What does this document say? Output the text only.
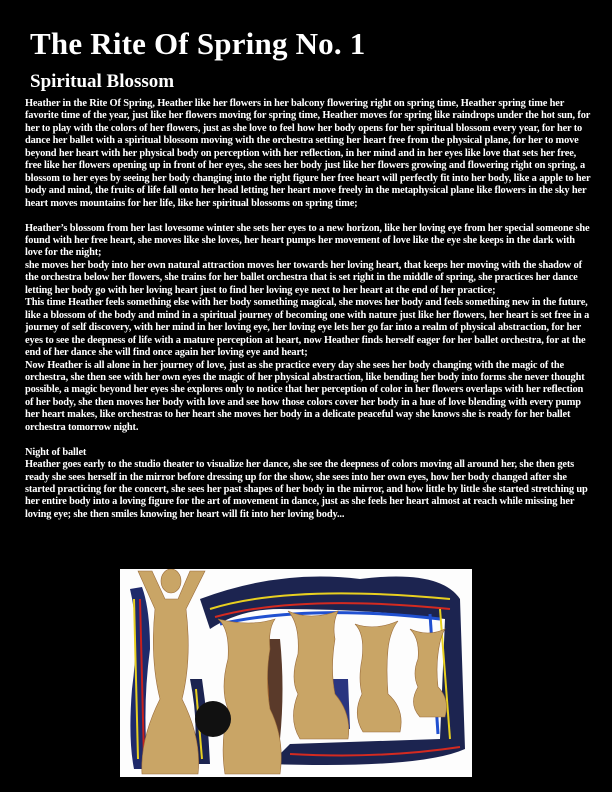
The Rite Of Spring No. 1
Spiritual Blossom

Heather in the Rite Of Spring, Heather like her flowers in her balcony flowering right on spring time, Heather spring time her favorite time of the year, just like her flowers moving for spring time, Heather moves for spring like raindrops under the hot sun, for her to play with the colors of her flowers, just as she love to feel how her body opens for her spiritual blossom every year, for her to dance her ballet with a spiritual blossom moving with the orchestra setting her heart free from the physical plane, for her to move beyond her heart with her physical body on perception with her reflection, in her mind and in her eyes like love that sets her free, free like her flowers opening up in front of her eyes, she sees her body just like her flowers growing and flowering right on spring, a blossom to her eyes by seeing her body changing into the right figure her free heart will perfectly fit into her body, like a apple to her body and mind, the fruits of life fall onto her head letting her heart move freely in the metaphysical plane like flowers in the sky her heart moves mountains for her life, like her spiritual blossoms on spring time;

Heather’s blossom from her last lovesome winter she sets her eyes to a new horizon, like her loving eye from her special someone she found with her free heart, she moves like she loves, her heart pumps her movement of love like the eye she keeps in the dark with love for the night;

she moves her body into her own natural attraction moves her towards her loving heart, that keeps her moving with the shadow of the orchestra below her flowers, she trains for her ballet orchestra that is set right in the middle of spring, she practices her dance letting her body go with her loving heart just to find her loving eye next to her heart at the end of her practice;

This time Heather feels something else with her body something magical, she moves her body and feels something new in the future, like a blossom of the body and mind in a spiritual journey of becoming one with nature just like her flowers, her heart is set free in a journey of self discovery, with her mind in her loving eye, her loving eye lets her go far into a realm of physical abstraction, for her eyes to see the deepness of life with a mature perception at heart, now Heather finds herself eager for her ballet orchestra, for at the end of her dance she will find once again her loving eye and heart;

Now Heather is all alone in her journey of love, just as she practice every day she sees her body changing with the magic of the orchestra, she then see with her own eyes the magic of her physical abstraction, like bending her body into forms she never thought possible, a magic beyond her eyes she explores only to notice that her perception of color in her flowers overlaps with her reflection of her body, she then moves her body with love and see how those colors cover her body in a hue of love blending with every pump her heart makes, like orchestras to her heart she moves her body in a delicate peaceful way she knows she is ready for her ballet orchestra tomorrow night.

Night of ballet

Heather goes early to the studio theater to visualize her dance, she see the deepness of colors moving all around her, she then gets ready she sees herself in the mirror before dressing up for the show, she sees into her own eyes, how her body changed after she started practicing for the concert, she sees her past shapes of her body in the mirror, and how little by little she started stretching up her entire body into a loving figure for the art of movement in dance, just as she feels her heart almost at reach while missing her loving eye; she then smiles knowing her heart will fit into her loving body...
